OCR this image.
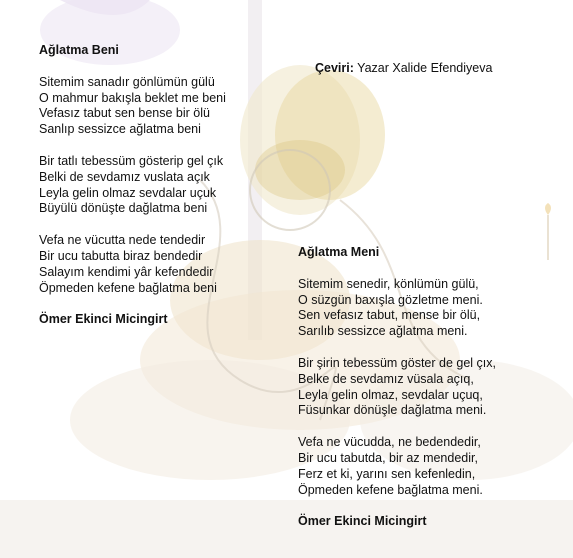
Ağlatma Beni
Sitemim sanadır gönlümün gülü
O mahmur bakışla beklet me beni
Vefasız tabut sen bense bir ölü
Sanlıp sessizce ağlatma beni
Bir tatlı tebessüm gösterip gel çık
Belki de sevdamız vuslata açık
Leyla gelin olmaz sevdalar uçuk
Büyülü dönüşte dağlatma beni
Vefa ne vücutta nede tendedir
Bir ucu tabutta biraz bendedir
Salayım kendimi yâr kefendedir
Öpmeden kefene bağlatma beni
Ömer Ekinci Micingirt
Çeviri: Yazar Xalide Efendiyeva
Ağlatma Meni
Sitemim senedir, könlümün gülü,
O süzgün baxışla gözletme meni.
Sen vefasız tabut, mense bir ölü,
Sarılıb sessizce ağlatma meni.
Bir şirin tebessüm göster de gel çıx,
Belke de sevdamız vüsala açıq,
Leyla gelin olmaz, sevdalar uçuq,
Füsunkar dönüşle dağlatma meni.
Vefa ne vücudda, ne bedendedir,
Bir ucu tabutda, bir az mendedir,
Ferz et ki, yarını sen kefenledin,
Öpmeden kefene bağlatma meni.
Ömer Ekinci Micingirt
